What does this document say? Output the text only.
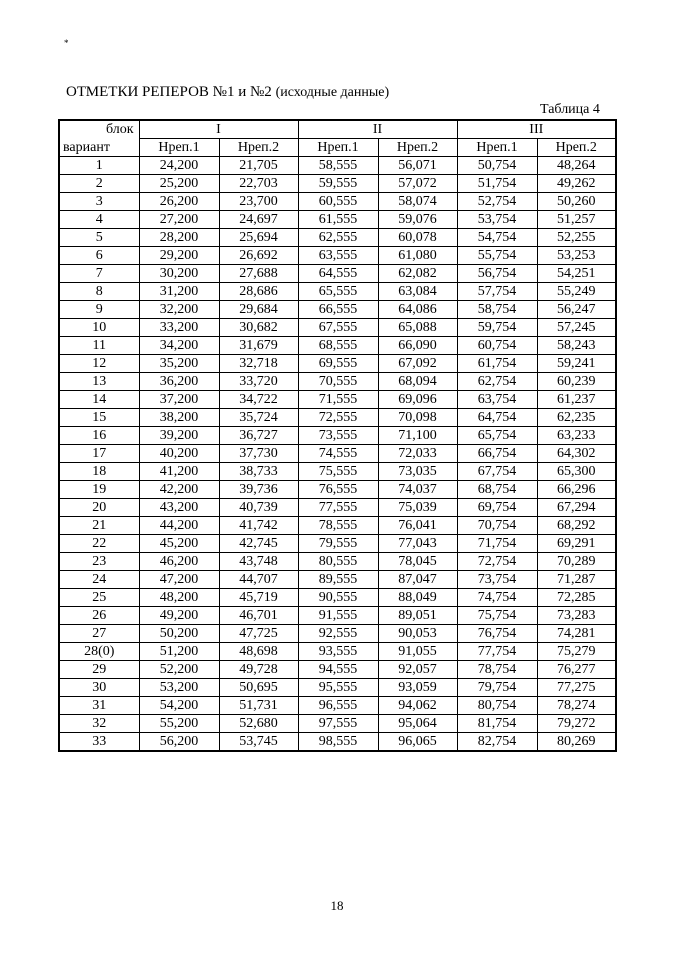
*
ОТМЕТКИ РЕПЕРОВ №1 и №2 (исходные данные)
Таблица 4
блок	I		II		III	
вариант	Hреп.1	Hреп.2	Hреп.1	Hреп.2	Hреп.1	Hреп.2
1	24,200	21,705	58,555	56,071	50,754	48,264
2	25,200	22,703	59,555	57,072	51,754	49,262
3	26,200	23,700	60,555	58,074	52,754	50,260
4	27,200	24,697	61,555	59,076	53,754	51,257
5	28,200	25,694	62,555	60,078	54,754	52,255
6	29,200	26,692	63,555	61,080	55,754	53,253
7	30,200	27,688	64,555	62,082	56,754	54,251
8	31,200	28,686	65,555	63,084	57,754	55,249
9	32,200	29,684	66,555	64,086	58,754	56,247
10	33,200	30,682	67,555	65,088	59,754	57,245
11	34,200	31,679	68,555	66,090	60,754	58,243
12	35,200	32,718	69,555	67,092	61,754	59,241
13	36,200	33,720	70,555	68,094	62,754	60,239
14	37,200	34,722	71,555	69,096	63,754	61,237
15	38,200	35,724	72,555	70,098	64,754	62,235
16	39,200	36,727	73,555	71,100	65,754	63,233
17	40,200	37,730	74,555	72,033	66,754	64,302
18	41,200	38,733	75,555	73,035	67,754	65,300
19	42,200	39,736	76,555	74,037	68,754	66,296
20	43,200	40,739	77,555	75,039	69,754	67,294
21	44,200	41,742	78,555	76,041	70,754	68,292
22	45,200	42,745	79,555	77,043	71,754	69,291
23	46,200	43,748	80,555	78,045	72,754	70,289
24	47,200	44,707	89,555	87,047	73,754	71,287
25	48,200	45,719	90,555	88,049	74,754	72,285
26	49,200	46,701	91,555	89,051	75,754	73,283
27	50,200	47,725	92,555	90,053	76,754	74,281
28(0)	51,200	48,698	93,555	91,055	77,754	75,279
29	52,200	49,728	94,555	92,057	78,754	76,277
30	53,200	50,695	95,555	93,059	79,754	77,275
31	54,200	51,731	96,555	94,062	80,754	78,274
32	55,200	52,680	97,555	95,064	81,754	79,272
33	56,200	53,745	98,555	96,065	82,754	80,269
18
